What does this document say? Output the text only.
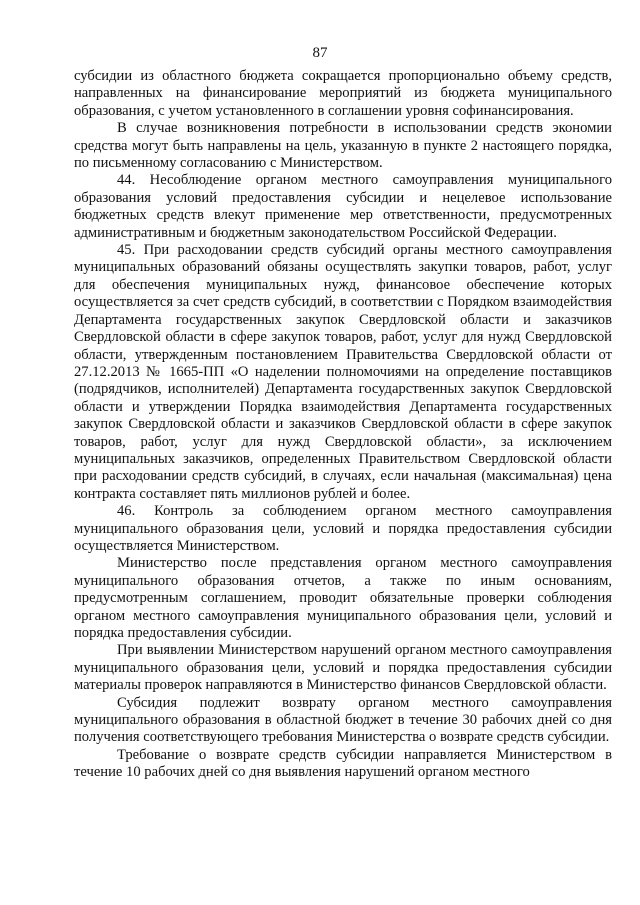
87

субсидии из областного бюджета сокращается пропорционально объему средств, направленных на финансирование мероприятий из бюджета муниципального образования, с учетом установленного в соглашении уровня софинансирования.

В случае возникновения потребности в использовании средств экономии средства могут быть направлены на цель, указанную в пункте 2 настоящего порядка, по письменному согласованию с Министерством.

44. Несоблюдение органом местного самоуправления муниципального образования условий предоставления субсидии и нецелевое использование бюджетных средств влекут применение мер ответственности, предусмотренных административным и бюджетным законодательством Российской Федерации.

45. При расходовании средств субсидий органы местного самоуправления муниципальных образований обязаны осуществлять закупки товаров, работ, услуг для обеспечения муниципальных нужд, финансовое обеспечение которых осуществляется за счет средств субсидий, в соответствии с Порядком взаимодействия Департамента государственных закупок Свердловской области и заказчиков Свердловской области в сфере закупок товаров, работ, услуг для нужд Свердловской области, утвержденным постановлением Правительства Свердловской области от 27.12.2013 № 1665-ПП «О наделении полномочиями на определение поставщиков (подрядчиков, исполнителей) Департамента государственных закупок Свердловской области и утверждении Порядка взаимодействия Департамента государственных закупок Свердловской области и заказчиков Свердловской области в сфере закупок товаров, работ, услуг для нужд Свердловской области», за исключением муниципальных заказчиков, определенных Правительством Свердловской области при расходовании средств субсидий, в случаях, если начальная (максимальная) цена контракта составляет пять миллионов рублей и более.

46. Контроль за соблюдением органом местного самоуправления муниципального образования цели, условий и порядка предоставления субсидии осуществляется Министерством.

Министерство после представления органом местного самоуправления муниципального образования отчетов, а также по иным основаниям, предусмотренным соглашением, проводит обязательные проверки соблюдения органом местного самоуправления муниципального образования цели, условий и порядка предоставления субсидии.

При выявлении Министерством нарушений органом местного самоуправления муниципального образования цели, условий и порядка предоставления субсидии материалы проверок направляются в Министерство финансов Свердловской области.

Субсидия подлежит возврату органом местного самоуправления муниципального образования в областной бюджет в течение 30 рабочих дней со дня получения соответствующего требования Министерства о возврате средств субсидии.

Требование о возврате средств субсидии направляется Министерством в течение 10 рабочих дней со дня выявления нарушений органом местного
